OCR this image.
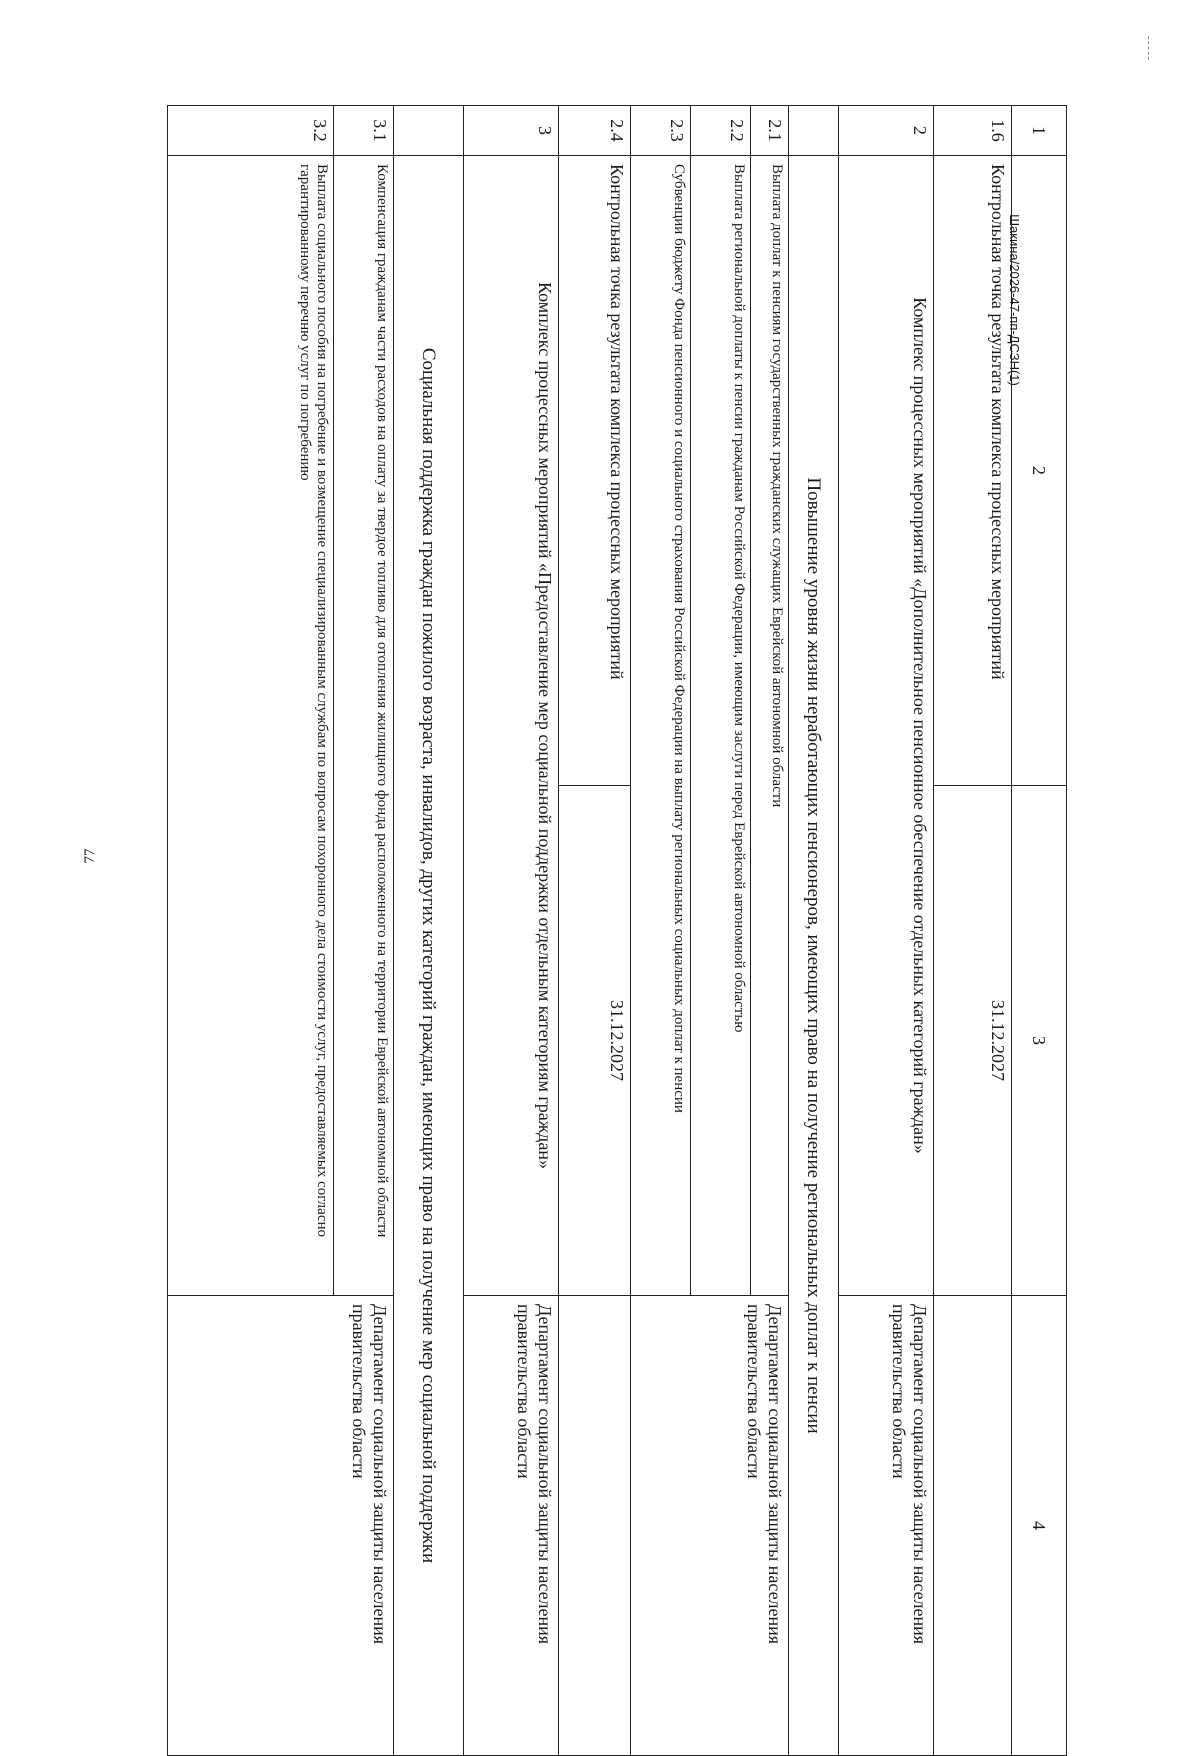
77
Шакина/2026-47-пп-ДСЗН(1)
1	2	3	4
1.6	Контрольная точка результата комплекса процессных мероприятий	31.12.2027	
2	Комплекс процессных мероприятий «Дополнительное пенсионное обеспечение отдельных категорий граждан»		Департамент социальной защиты населения правительства области
	Повышение уровня жизни неработающих пенсионеров, имеющих право на получение региональных доплат к пенсии		
2.1	Выплата доплат к пенсиям государственных гражданских служащих Еврейской автономной области		Департамент социальной защиты населения правительства области
2.2	Выплата региональной доплаты к пенсии гражданам Российской Федерации, имеющим заслуги перед Еврейской автономной областью		
2.3	Субвенции бюджету Фонда пенсионного и социального страхования Российской Федерации на выплату региональных социальных доплат к пенсии		
2.4	Контрольная точка результата комплекса процессных мероприятий	31.12.2027	
3	Комплекс процессных мероприятий «Предоставление мер социальной поддержки отдельным категориям граждан»		Департамент социальной защиты населения правительства области
	Социальная поддержка граждан пожилого возраста, инвалидов, других категорий граждан, имеющих право на получение мер социальной поддержки		
3.1	Компенсация гражданам части расходов на оплату за твердое топливо для отопления жилищного фонда расположенного на территории Еврейской автономной области		Департамент социальной защиты населения правительства области
3.2	Выплата социального пособия на погребение и возмещение специализированным службам по вопросам похоронного дела стоимости услуг, предоставляемых согласно гарантированному перечню услуг по погребению		
